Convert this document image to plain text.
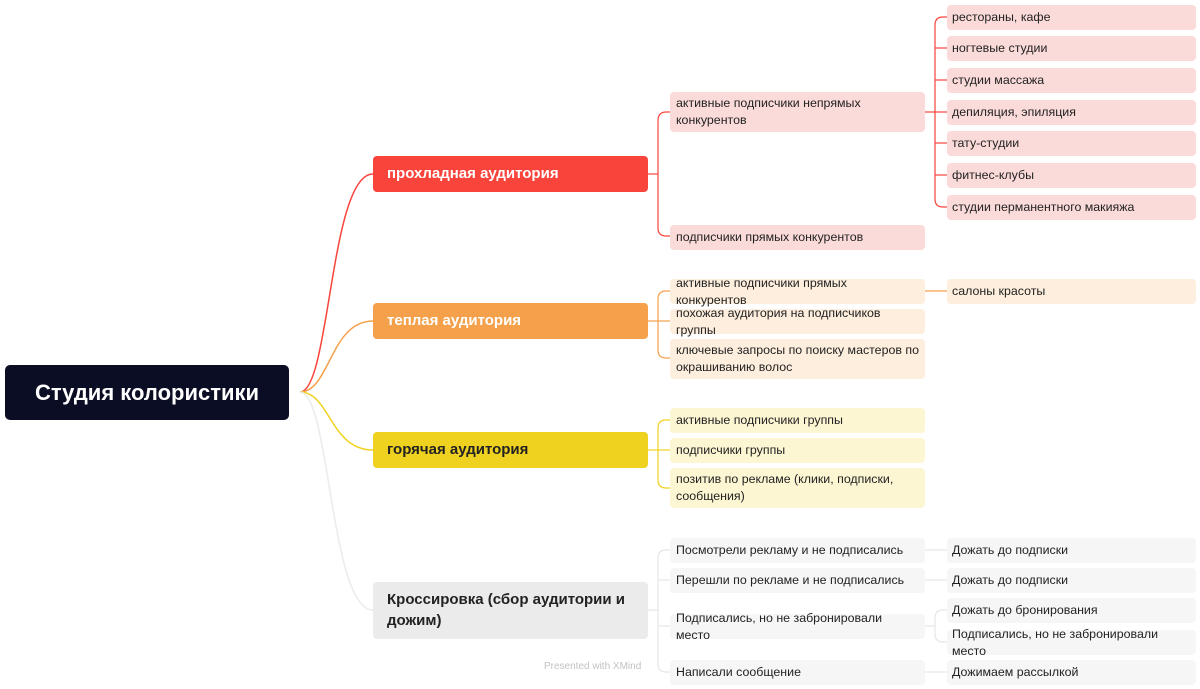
Студия колористики
прохладная аудитория
теплая аудитория
горячая аудитория
Кроссировка (сбор аудитории и дожим)
активные подписчики непрямых конкурентов
подписчики прямых конкурентов
рестораны, кафе
ногтевые студии
студии массажа
депиляция, эпиляция
тату-студии
фитнес-клубы
студии перманентного макияжа
активные подписчики прямых конкурентов
похожая аудитория на подписчиков группы
ключевые запросы по поиску мастеров по окрашиванию волос
салоны красоты
активные подписчики группы
подписчики группы
позитив по рекламе (клики, подписки, сообщения)
Посмотрели рекламу и не подписались
Перешли по рекламе и не подписались
Подписались, но не забронировали место
Написали сообщение
Дожать до подписки
Дожать до подписки
Дожать до бронирования
Подписались, но не забронировали место
Дожимаем рассылкой
Presented with XMind
